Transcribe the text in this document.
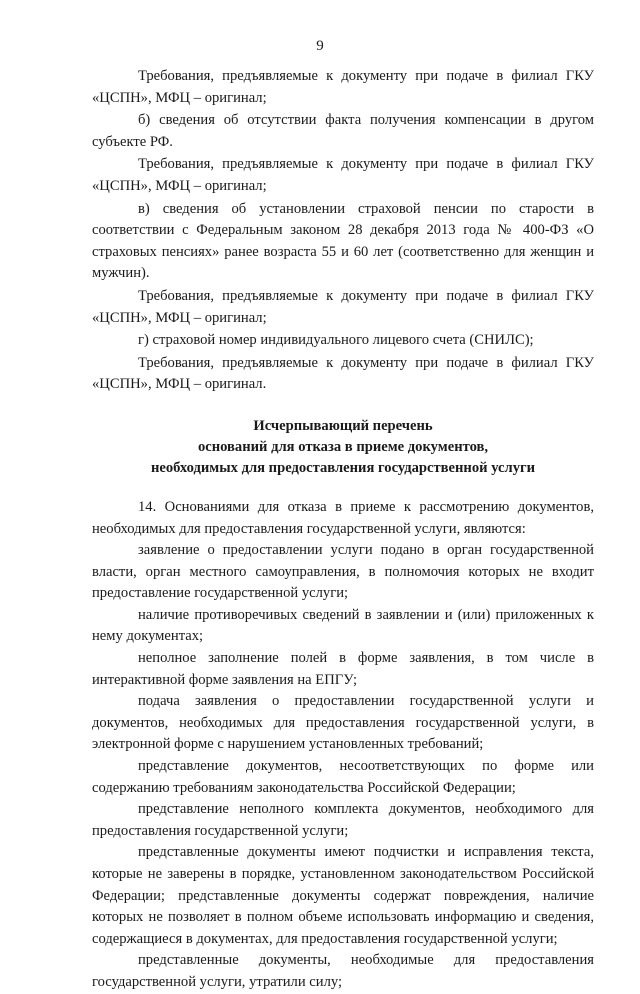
9

Требования, предъявляемые к документу при подаче в филиал ГКУ «ЦСПН», МФЦ – оригинал;

б) сведения об отсутствии факта получения компенсации в другом субъекте РФ.

Требования, предъявляемые к документу при подаче в филиал ГКУ «ЦСПН», МФЦ – оригинал;

в) сведения об установлении страховой пенсии по старости в соответствии с Федеральным законом 28 декабря 2013 года № 400-ФЗ «О страховых пенсиях» ранее возраста 55 и 60 лет (соответственно для женщин и мужчин).

Требования, предъявляемые к документу при подаче в филиал ГКУ «ЦСПН», МФЦ – оригинал;

г) страховой номер индивидуального лицевого счета (СНИЛС);

Требования, предъявляемые к документу при подаче в филиал ГКУ «ЦСПН», МФЦ – оригинал.

Исчерпывающий перечень
оснований для отказа в приеме документов,
необходимых для предоставления государственной услуги

14. Основаниями для отказа в приеме к рассмотрению документов, необходимых для предоставления государственной услуги, являются:

заявление о предоставлении услуги подано в орган государственной власти, орган местного самоуправления, в полномочия которых не входит предоставление государственной услуги;

наличие противоречивых сведений в заявлении и (или) приложенных к нему документах;

неполное заполнение полей в форме заявления, в том числе в интерактивной форме заявления на ЕПГУ;

подача заявления о предоставлении государственной услуги и документов, необходимых для предоставления государственной услуги, в электронной форме с нарушением установленных требований;

представление документов, несоответствующих по форме или содержанию требованиям законодательства Российской Федерации;

представление неполного комплекта документов, необходимого для предоставления государственной услуги;

представленные документы имеют подчистки и исправления текста, которые не заверены в порядке, установленном законодательством Российской Федерации; представленные документы содержат повреждения, наличие которых не позволяет в полном объеме использовать информацию и сведения, содержащиеся в документах, для предоставления государственной услуги;

представленные документы, необходимые для предоставления государственной услуги, утратили силу;
